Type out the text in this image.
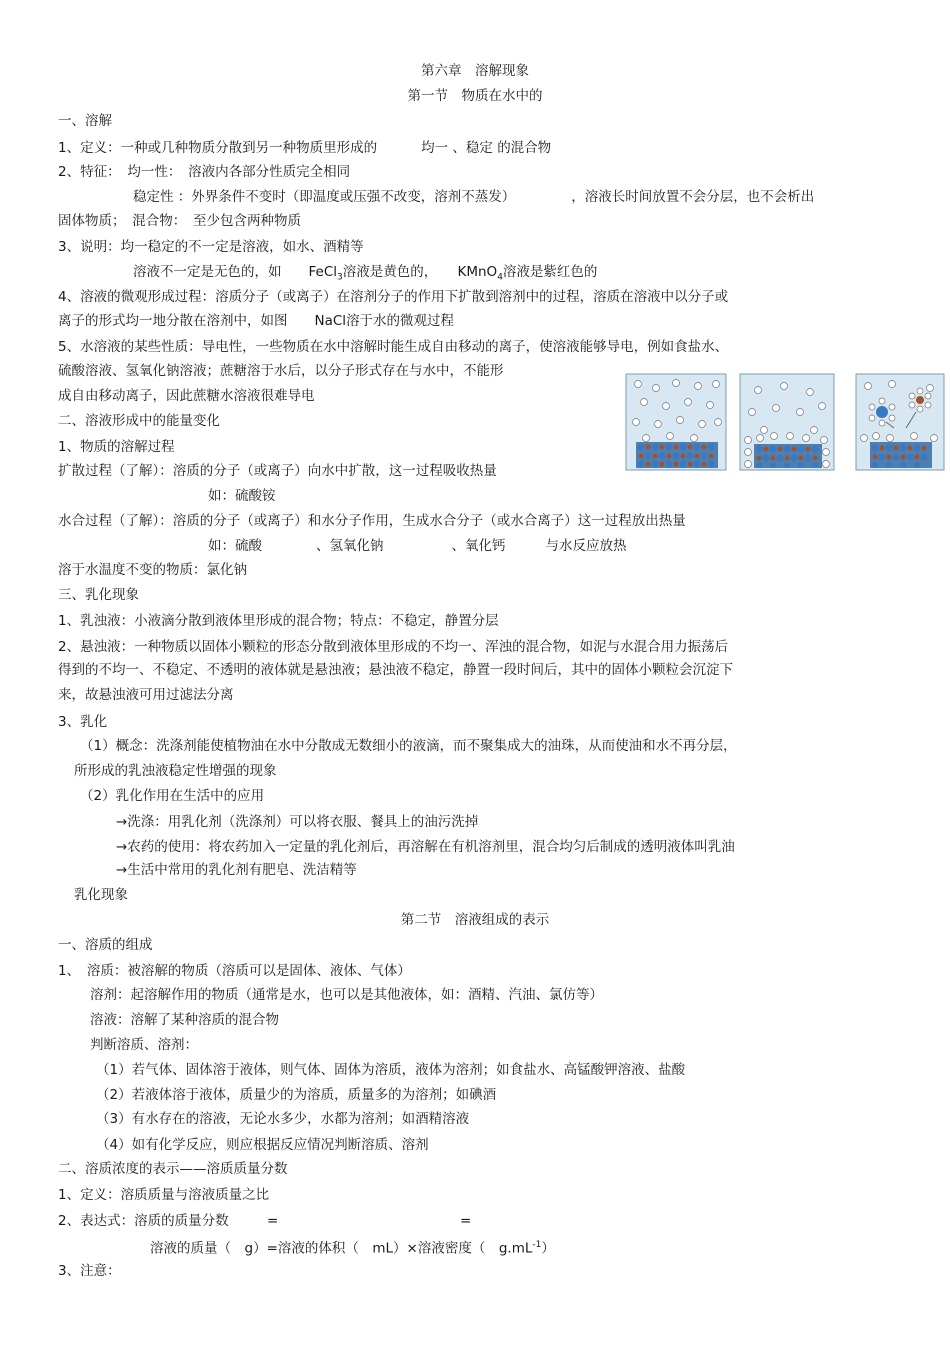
第六章　溶解现象
第一节　物质在水中的
一、溶解
1、定义：一种或几种物质分散到另一种物质里形成的	均一 、稳定 的混合物
2、特征：　均一性：　溶液内各部分性质完全相同
稳定性 ：外界条件不变时（即温度或压强不改变，溶剂不蒸发）	，溶液长时间放置不会分层，也不会析出
固体物质；　混合物：　至少包含两种物质
3、说明：均一稳定的不一定是溶液，如水、酒精等
溶液不一定是无色的，如　　 FeCl$_3$溶液是黄色的，　　 KMnO$_4$溶液是紫红色的
4、溶液的微观形成过程：溶质分子（或离子）在溶剂分子的作用下扩散到溶剂中的过程，溶质在溶液中以分子或
离子的形式均一地分散在溶剂中，如图　　 NaCl溶于水的微观过程
5、水溶液的某些性质：导电性，一些物质在水中溶解时能生成自由移动的离子，使溶液能够导电，例如食盐水、
硫酸溶液、氢氧化钠溶液；蔗糖溶于水后，以分子形式存在与水中，不能形
成自由移动离子，因此蔗糖水溶液很难导电
二、溶液形成中的能量变化
1、物质的溶解过程
扩散过程（了解）：溶质的分子（或离子）向水中扩散，这一过程吸收热量
如：硫酸铵
水合过程（了解）：溶质的分子（或离子）和水分子作用，生成水合分子（或水合离子）这一过程放出热量
如：硫酸	、氢氧化钠	、氧化钙	与水反应放热
溶于水温度不变的物质：氯化钠
三、乳化现象
1、乳浊液：小液滴分散到液体里形成的混合物；特点：不稳定，静置分层
2、悬浊液：一种物质以固体小颗粒的形态分散到液体里形成的不均一、浑浊的混合物，如泥与水混合用力振荡后
得到的不均一、不稳定、不透明的液体就是悬浊液；悬浊液不稳定，静置一段时间后，其中的固体小颗粒会沉淀下
来，故悬浊液可用过滤法分离
3、乳化
（1）概念：洗涤剂能使植物油在水中分散成无数细小的液滴，而不聚集成大的油珠，从而使油和水不再分层，
所形成的乳浊液稳定性增强的现象
（2）乳化作用在生活中的应用
→洗涤：用乳化剂（洗涤剂）可以将衣服、餐具上的油污洗掉
→农药的使用：将农药加入一定量的乳化剂后，再溶解在有机溶剂里，混合均匀后制成的透明液体叫乳油
→生活中常用的乳化剂有肥皂、洗洁精等
乳化现象
第二节　溶液组成的表示
一、溶质的组成
1、　溶质：被溶解的物质（溶质可以是固体、液体、气体）
溶剂：起溶解作用的物质（通常是水，也可以是其他液体，如：酒精、汽油、氯仿等）
溶液：溶解了某种溶质的混合物
判断溶质、溶剂：
（1）若气体、固体溶于液体，则气体、固体为溶质，液体为溶剂；如食盐水、高锰酸钾溶液、盐酸
（2）若液体溶于液体，质量少的为溶质，质量多的为溶剂；如碘酒
（3）有水存在的溶液，无论水多少，水都为溶剂；如酒精溶液
（4）如有化学反应，则应根据反应情况判断溶质、溶剂
二、溶质浓度的表示——溶质质量分数
1、定义：溶质质量与溶液质量之比
2、表达式：溶质的质量分数	=	=
溶液的质量（　g）=溶液的体积（　mL）×溶液密度（　$g.mL^{-1}$）
3、注意：
